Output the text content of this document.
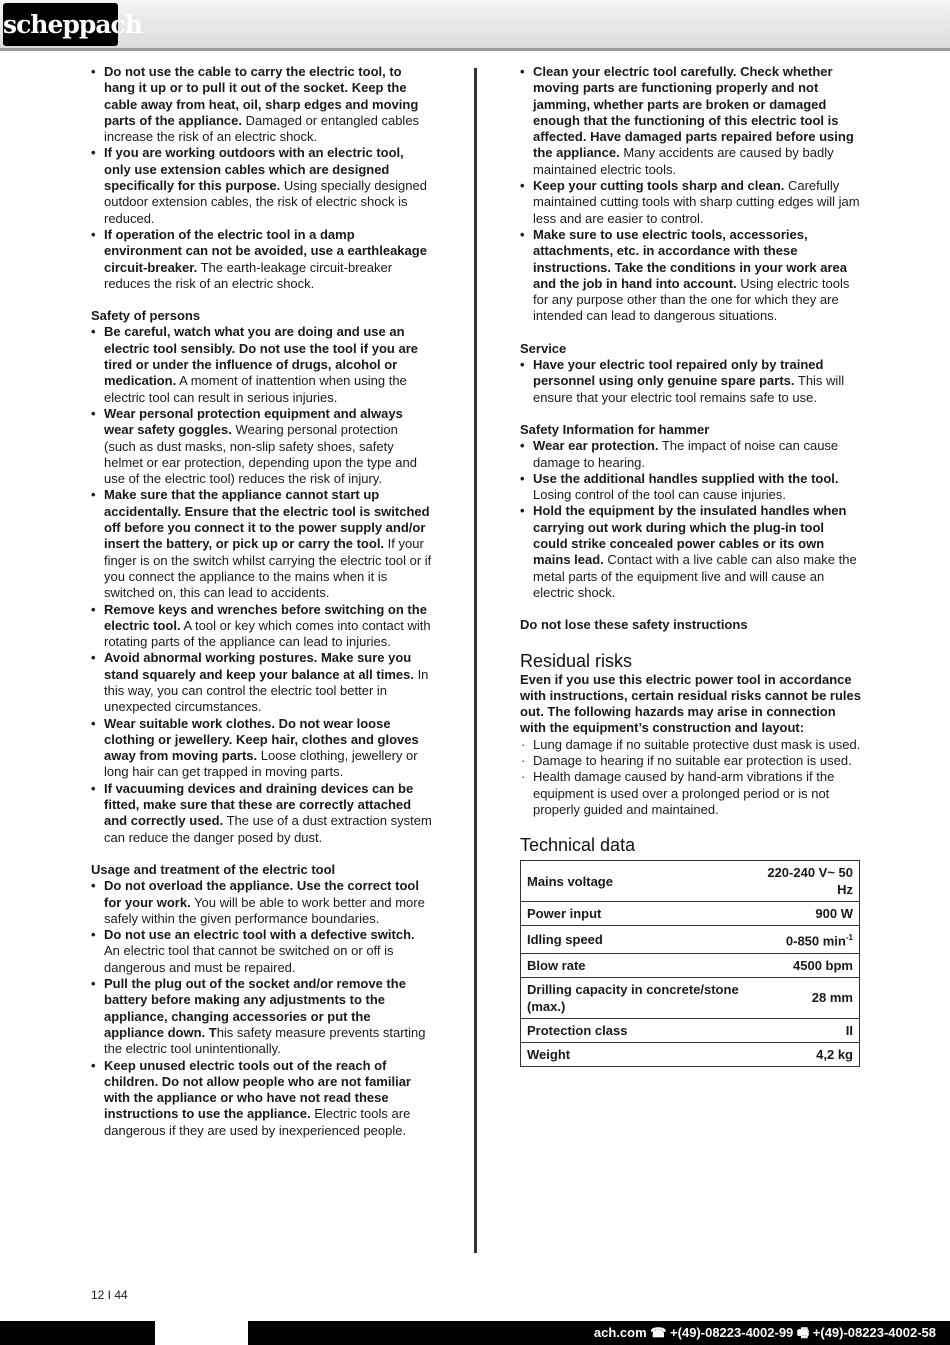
scheppach
• Do not use the cable to carry the electric tool, to hang it up or to pull it out of the socket. Keep the cable away from heat, oil, sharp edges and moving parts of the appliance. Damaged or entangled cables increase the risk of an electric shock.
• If you are working outdoors with an electric tool, only use extension cables which are designed specifically for this purpose. Using specially designed outdoor extension cables, the risk of electric shock is reduced.
• If operation of the electric tool in a damp environment can not be avoided, use a earthleakage circuit-breaker. The earth-leakage circuit-breaker reduces the risk of an electric shock.
Safety of persons
• Be careful, watch what you are doing and use an electric tool sensibly. Do not use the tool if you are tired or under the influence of drugs, alcohol or medication. A moment of inattention when using the electric tool can result in serious injuries.
• Wear personal protection equipment and always wear safety goggles. Wearing personal protection (such as dust masks, non-slip safety shoes, safety helmet or ear protection, depending upon the type and use of the electric tool) reduces the risk of injury.
• Make sure that the appliance cannot start up accidentally. Ensure that the electric tool is switched off before you connect it to the power supply and/or insert the battery, or pick up or carry the tool. If your finger is on the switch whilst carrying the electric tool or if you connect the appliance to the mains when it is switched on, this can lead to accidents.
• Remove keys and wrenches before switching on the electric tool. A tool or key which comes into contact with rotating parts of the appliance can lead to injuries.
• Avoid abnormal working postures. Make sure you stand squarely and keep your balance at all times. In this way, you can control the electric tool better in unexpected circumstances.
• Wear suitable work clothes. Do not wear loose clothing or jewellery. Keep hair, clothes and gloves away from moving parts. Loose clothing, jewellery or long hair can get trapped in moving parts.
• If vacuuming devices and draining devices can be fitted, make sure that these are correctly attached and correctly used. The use of a dust extraction system can reduce the danger posed by dust.
Usage and treatment of the electric tool
• Do not overload the appliance. Use the correct tool for your work. You will be able to work better and more safely within the given performance boundaries.
• Do not use an electric tool with a defective switch. An electric tool that cannot be switched on or off is dangerous and must be repaired.
• Pull the plug out of the socket and/or remove the battery before making any adjustments to the appliance, changing accessories or put the appliance down. This safety measure prevents starting the electric tool unintentionally.
• Keep unused electric tools out of the reach of children. Do not allow people who are not familiar with the appliance or who have not read these instructions to use the appliance. Electric tools are dangerous if they are used by inexperienced people.
• Clean your electric tool carefully. Check whether moving parts are functioning properly and not jamming, whether parts are broken or damaged enough that the functioning of this electric tool is affected. Have damaged parts repaired before using the appliance. Many accidents are caused by badly maintained electric tools.
• Keep your cutting tools sharp and clean. Carefully maintained cutting tools with sharp cutting edges will jam less and are easier to control.
• Make sure to use electric tools, accessories, attachments, etc. in accordance with these instructions. Take the conditions in your work area and the job in hand into account. Using electric tools for any purpose other than the one for which they are intended can lead to dangerous situations.
Service
• Have your electric tool repaired only by trained personnel using only genuine spare parts. This will ensure that your electric tool remains safe to use.
Safety Information for hammer
• Wear ear protection. The impact of noise can cause damage to hearing.
• Use the additional handles supplied with the tool. Losing control of the tool can cause injuries.
• Hold the equipment by the insulated handles when carrying out work during which the plug-in tool could strike concealed power cables or its own mains lead. Contact with a live cable can also make the metal parts of the equipment live and will cause an electric shock.
Do not lose these safety instructions
Residual risks
Even if you use this electric power tool in accordance with instructions, certain residual risks cannot be rules out. The following hazards may arise in connection with the equipment’s construction and layout:
· Lung damage if no suitable protective dust mask is used.
· Damage to hearing if no suitable ear protection is used.
· Health damage caused by hand-arm vibrations if the equipment is used over a prolonged period or is not properly guided and maintained.
Technical data
Mains voltage	220-240 V~ 50 Hz
Power input	900 W
Idling speed	0-850 $\min^{-1}$
Blow rate	4500 bpm
Drilling capacity in concrete/stone (max.)	28 mm
Protection class	II
Weight	4,2 kg
12 I 44
ach.com ☎ +(49)-08223-4002-99 🖷 +(49)-08223-4002-58
